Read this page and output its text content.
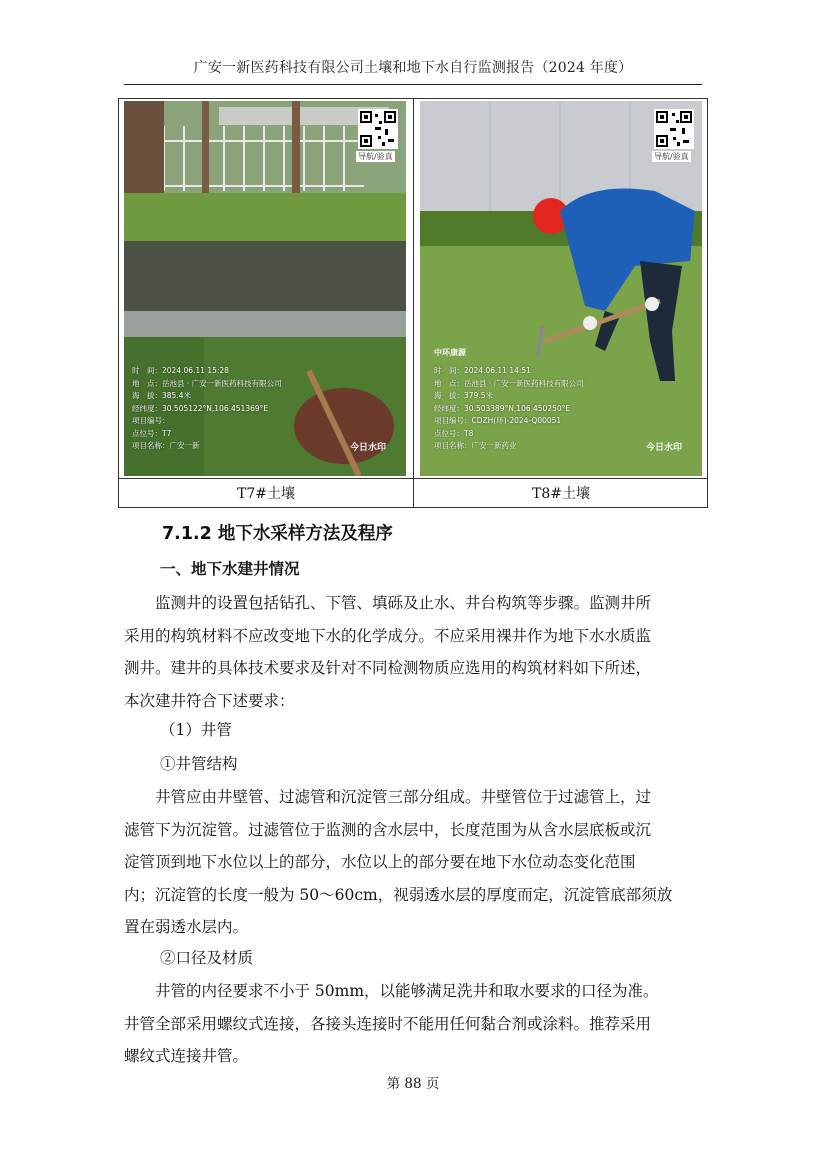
广安一新医药科技有限公司土壤和地下水自行监测报告（2024 年度）
导航/验真
时　间：2024.06.11 15:28
地　点：岳池县 · 广安一新医药科技有限公司
海　拔：385.4米
经纬度：30.505122°N,106.451369°E
项目编号：
点位号：T7
项目名称：广安一新	今日水印
导航/验真
中环康源
时　间：2024.06.11 14:51
地　点：岳池县 · 广安一新医药科技有限公司
海　拔：379.5米
经纬度：30.503389°N,106.450250°E
项目编号：CDZH(环)-2024-Q00051
点位号：T8
项目名称：广安一新药业	今日水印
T7#土壤	T8#土壤
7.1.2 地下水采样方法及程序
一、地下水建井情况
监测井的设置包括钻孔、下管、填砾及止水、井台构筑等步骤。监测井所
采用的构筑材料不应改变地下水的化学成分。不应采用裸井作为地下水水质监
测井。建井的具体技术要求及针对不同检测物质应选用的构筑材料如下所述，
本次建井符合下述要求：
（1）井管
①井管结构
井管应由井壁管、过滤管和沉淀管三部分组成。井壁管位于过滤管上，过
滤管下为沉淀管。过滤管位于监测的含水层中，长度范围为从含水层底板或沉
淀管顶到地下水位以上的部分，水位以上的部分要在地下水位动态变化范围
内；沉淀管的长度一般为 50～60cm，视弱透水层的厚度而定，沉淀管底部须放
置在弱透水层内。
②口径及材质
井管的内径要求不小于 50mm，以能够满足洗井和取水要求的口径为准。
井管全部采用螺纹式连接，各接头连接时不能用任何黏合剂或涂料。推荐采用
螺纹式连接井管。
第 88 页
